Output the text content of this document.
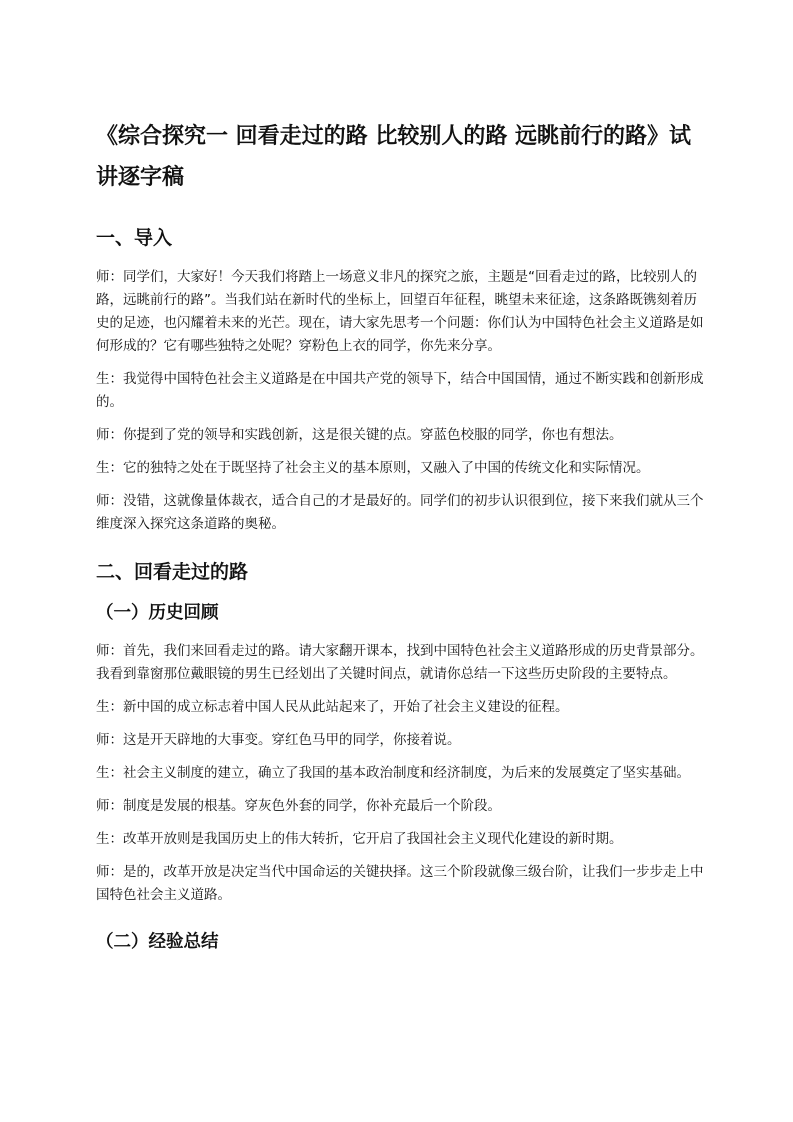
《综合探究一 回看走过的路 比较别人的路 远眺前行的路》试讲逐字稿
一、导入

师：同学们，大家好！今天我们将踏上一场意义非凡的探究之旅，主题是“回看走过的路，比较别人的路，远眺前行的路”。当我们站在新时代的坐标上，回望百年征程，眺望未来征途，这条路既镌刻着历史的足迹，也闪耀着未来的光芒。现在，请大家先思考一个问题：你们认为中国特色社会主义道路是如何形成的？它有哪些独特之处呢？穿粉色上衣的同学，你先来分享。

生：我觉得中国特色社会主义道路是在中国共产党的领导下，结合中国国情，通过不断实践和创新形成的。

师：你提到了党的领导和实践创新，这是很关键的点。穿蓝色校服的同学，你也有想法。

生：它的独特之处在于既坚持了社会主义的基本原则，又融入了中国的传统文化和实际情况。

师：没错，这就像量体裁衣，适合自己的才是最好的。同学们的初步认识很到位，接下来我们就从三个维度深入探究这条道路的奥秘。

二、回看走过的路
（一）历史回顾

师：首先，我们来回看走过的路。请大家翻开课本，找到中国特色社会主义道路形成的历史背景部分。我看到靠窗那位戴眼镜的男生已经划出了关键时间点，就请你总结一下这些历史阶段的主要特点。

生：新中国的成立标志着中国人民从此站起来了，开始了社会主义建设的征程。

师：这是开天辟地的大事变。穿红色马甲的同学，你接着说。

生：社会主义制度的建立，确立了我国的基本政治制度和经济制度，为后来的发展奠定了坚实基础。

师：制度是发展的根基。穿灰色外套的同学，你补充最后一个阶段。

生：改革开放则是我国历史上的伟大转折，它开启了我国社会主义现代化建设的新时期。

师：是的，改革开放是决定当代中国命运的关键抉择。这三个阶段就像三级台阶，让我们一步步走上中国特色社会主义道路。

（二）经验总结
